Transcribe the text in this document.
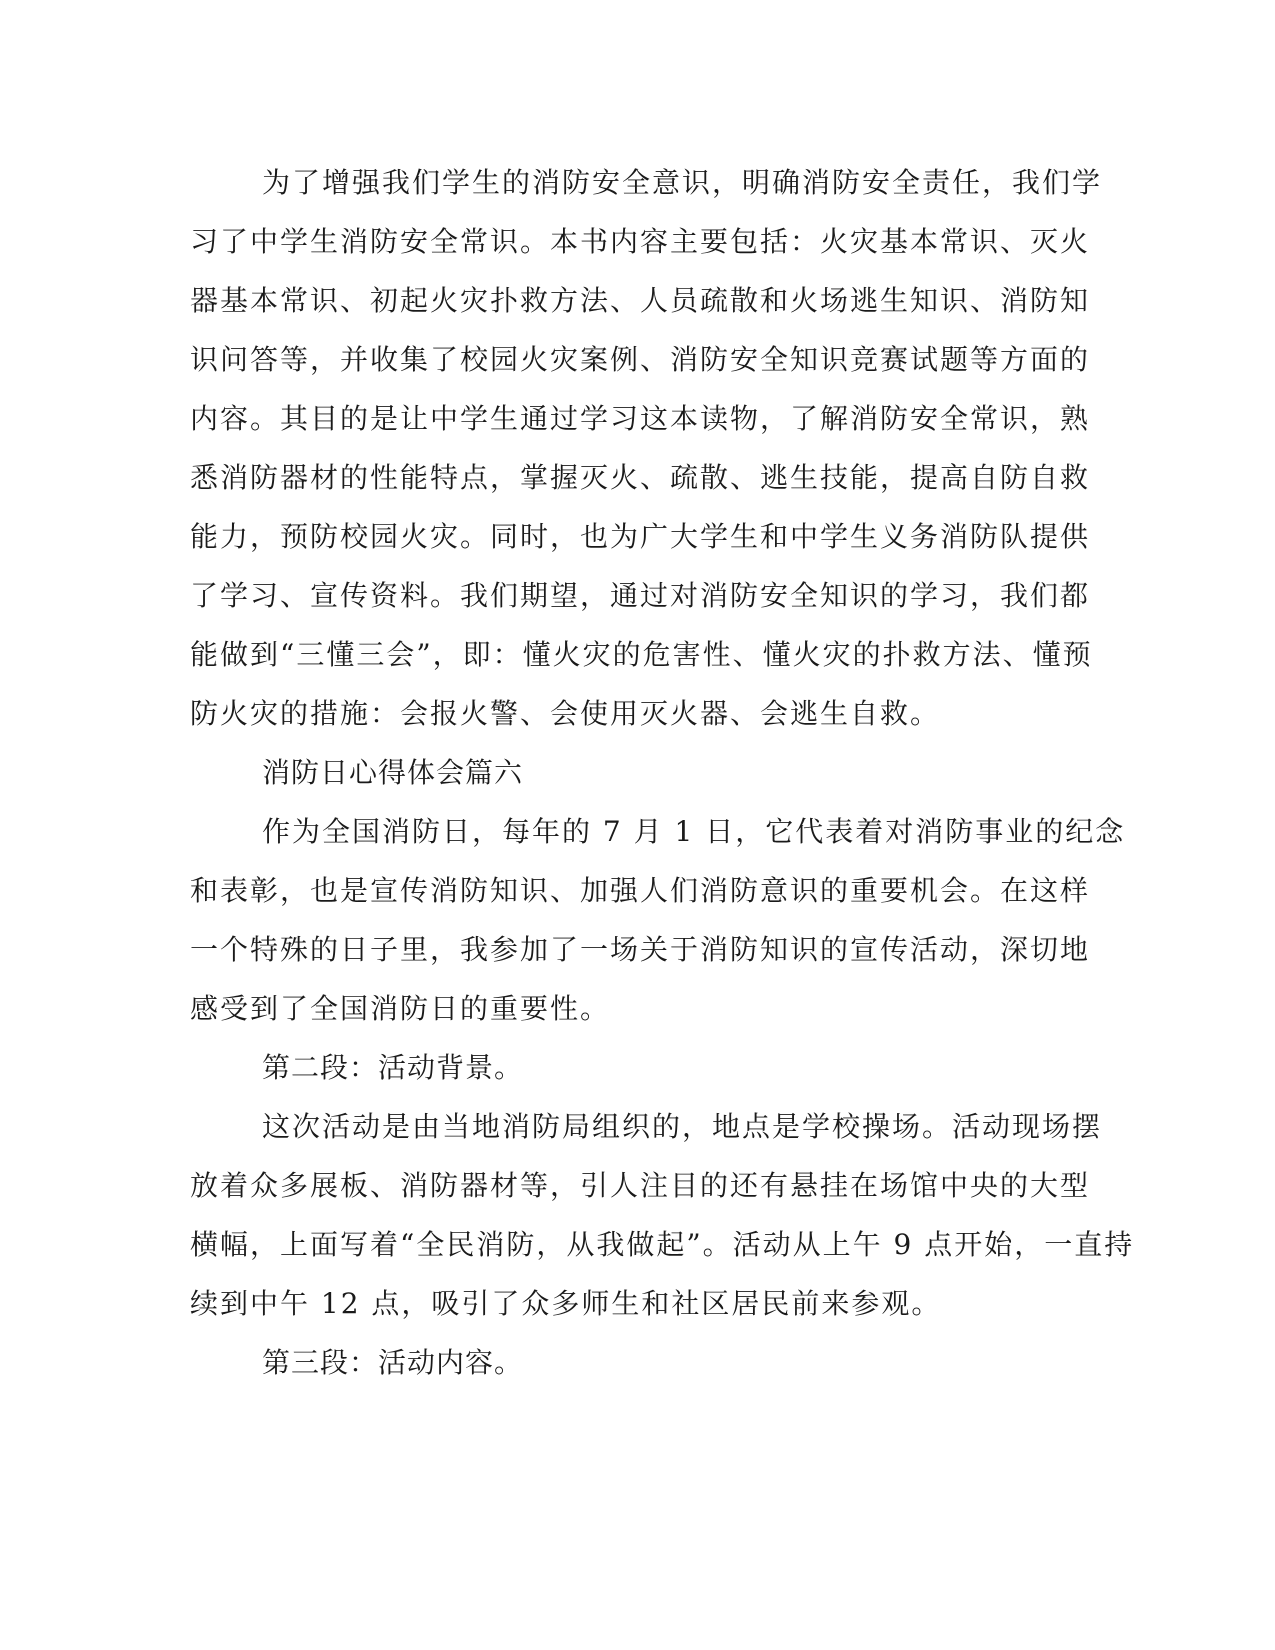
为了增强我们学生的消防安全意识，明确消防安全责任，我们学
习了中学生消防安全常识。本书内容主要包括：火灾基本常识、灭火
器基本常识、初起火灾扑救方法、人员疏散和火场逃生知识、消防知
识问答等，并收集了校园火灾案例、消防安全知识竞赛试题等方面的
内容。其目的是让中学生通过学习这本读物，了解消防安全常识，熟
悉消防器材的性能特点，掌握灭火、疏散、逃生技能，提高自防自救
能力，预防校园火灾。同时，也为广大学生和中学生义务消防队提供
了学习、宣传资料。我们期望，通过对消防安全知识的学习，我们都
能做到“三懂三会”，即：懂火灾的危害性、懂火灾的扑救方法、懂预
防火灾的措施：会报火警、会使用灭火器、会逃生自救。
消防日心得体会篇六
作为全国消防日，每年的 7 月 1 日，它代表着对消防事业的纪念
和表彰，也是宣传消防知识、加强人们消防意识的重要机会。在这样
一个特殊的日子里，我参加了一场关于消防知识的宣传活动，深切地
感受到了全国消防日的重要性。
第二段：活动背景。
这次活动是由当地消防局组织的，地点是学校操场。活动现场摆
放着众多展板、消防器材等，引人注目的还有悬挂在场馆中央的大型
横幅，上面写着“全民消防，从我做起”。活动从上午 9 点开始，一直持
续到中午 12 点，吸引了众多师生和社区居民前来参观。
第三段：活动内容。
